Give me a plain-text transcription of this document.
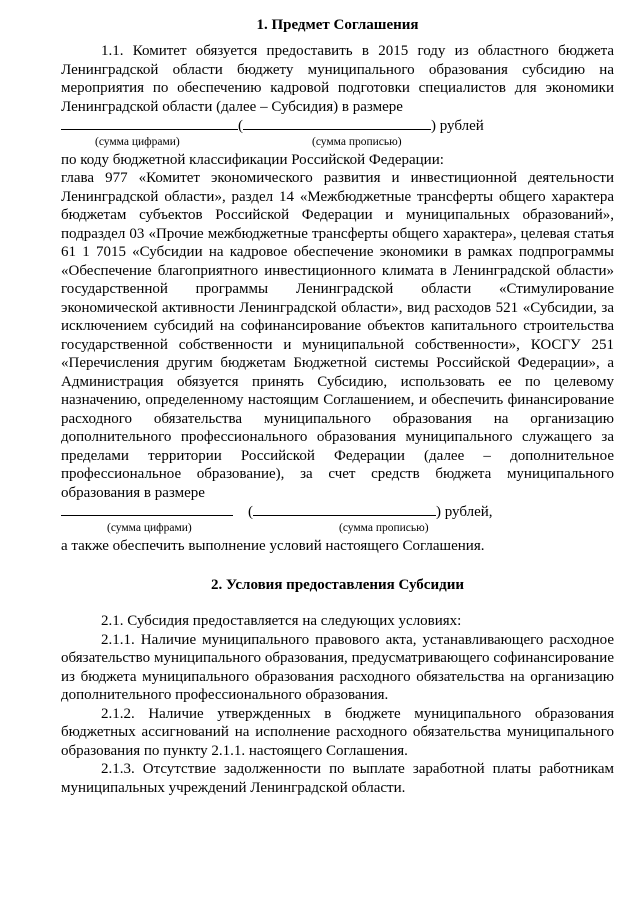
1. Предмет Соглашения

1.1. Комитет обязуется предоставить в 2015 году из областного бюджета Ленинградской области бюджету муниципального образования субсидию на мероприятия по обеспечению кадровой подготовки специалистов для экономики Ленинградской области (далее – Субсидия) в размере

(	) рублей
(сумма цифрами)	(сумма прописью)

по коду бюджетной классификации Российской Федерации:

глава 977 «Комитет экономического развития и инвестиционной деятельности Ленинградской области», раздел 14 «Межбюджетные трансферты общего характера бюджетам субъектов Российской Федерации и муниципальных образований», подраздел 03 «Прочие межбюджетные трансферты общего характера», целевая статья 61 1 7015 «Субсидии на кадровое обеспечение экономики в рамках подпрограммы «Обеспечение благоприятного инвестиционного климата в Ленинградской области» государственной программы Ленинградской области «Стимулирование экономической активности Ленинградской области», вид расходов 521 «Субсидии, за исключением субсидий на софинансирование объектов капитального строительства государственной собственности и муниципальной собственности», КОСГУ 251 «Перечисления другим бюджетам Бюджетной системы Российской Федерации», а Администрация обязуется принять Субсидию, использовать ее по целевому назначению, определенному настоящим Соглашением, и обеспечить финансирование расходного обязательства муниципального образования на организацию дополнительного профессионального образования муниципального служащего за пределами территории Российской Федерации (далее – дополнительное профессиональное образование), за счет средств бюджета муниципального образования в размере

(	) рублей,
(сумма цифрами)	(сумма прописью)

а также обеспечить выполнение условий настоящего Соглашения.

2. Условия предоставления Субсидии

2.1. Субсидия предоставляется на следующих условиях:

2.1.1. Наличие муниципального правового акта, устанавливающего расходное обязательство муниципального образования, предусматривающего софинансирование из бюджета муниципального образования расходного обязательства на организацию дополнительного профессионального образования.

2.1.2. Наличие утвержденных в бюджете муниципального образования бюджетных ассигнований на исполнение расходного обязательства муниципального образования по пункту 2.1.1. настоящего Соглашения.

2.1.3. Отсутствие задолженности по выплате заработной платы работникам муниципальных учреждений Ленинградской области.
